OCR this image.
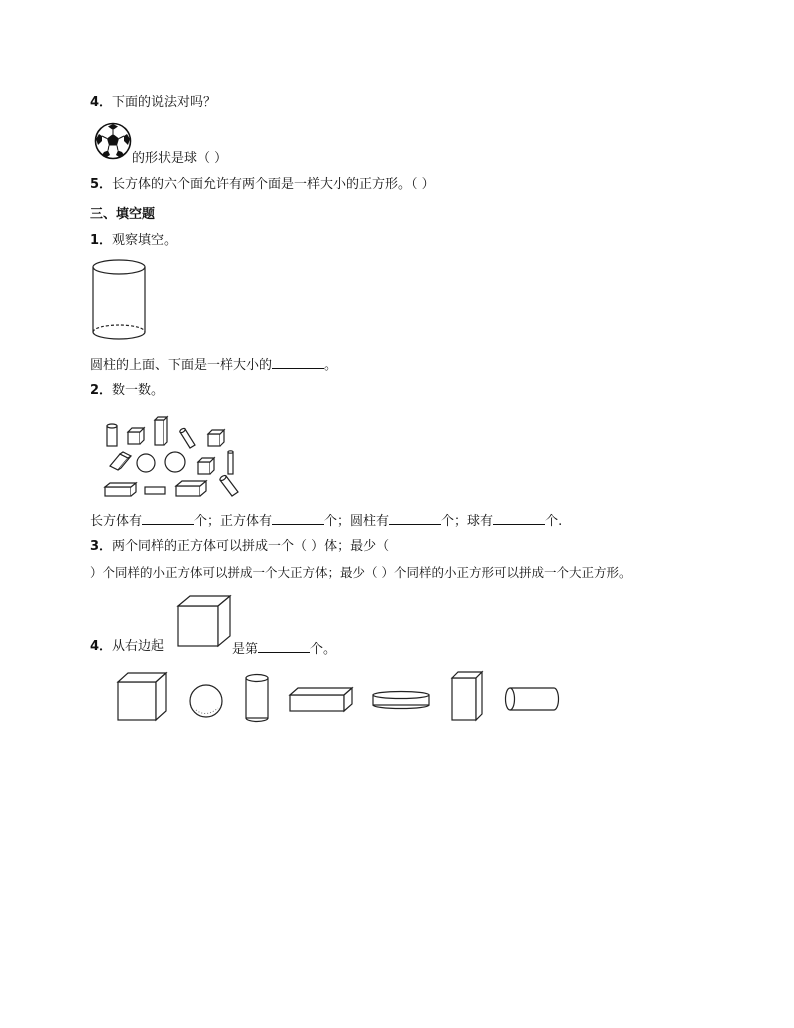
4．下面的说法对吗？
的形状是球（ ）
5．长方体的六个面允许有两个面是一样大小的正方形。（ ）
三、填空题
1．观察填空。
圆柱的上面、下面是一样大小的	。
2．数一数。
长方体有	个；正方体有	个；圆柱有	个；球有	个.
3．两个同样的正方体可以拼成一个（ ）体；最少（
）个同样的小正方体可以拼成一个大正方体；最少（ ）个同样的小正方形可以拼成一个大正方形。
4．从右边起	是第	个。
